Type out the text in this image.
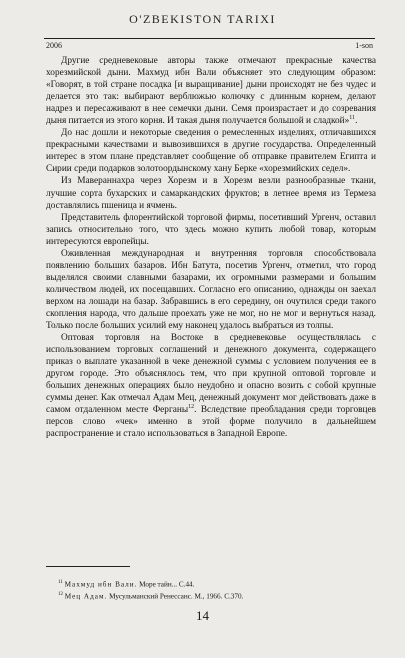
O'ZBEKISTON TARIXI
2006	1-son

Другие средневековые авторы также отмечают прекрасные качества хорезмийской дыни. Махмуд ибн Вали объясняет это следующим образом: «Говорят, в той стране посадка [и выращивание] дыни происходят не без чудес и делается это так: выбирают верблюжью колючку с длинным корнем, делают надрез и пересаживают в нее семечки дыни. Семя произрастает и до созревания дыня питается из этого корня. И такая дыня получается большой и сладкой»$^{11}$.

До нас дошли и некоторые сведения о ремесленных изделиях, отличавшихся прекрасными качествами и вывозившихся в другие государства. Определенный интерес в этом плане представляет сообщение об отправке правителем Египта и Сирии среди подарков золотоордынскому хану Берке «хорезмийских седел».

Из Мавераннахра через Хорезм и в Хорезм везли разнообразные ткани, лучшие сорта бухарских и самаркандских фруктов; в летнее время из Термеза доставлялись пшеница и ячмень.

Представитель флорентийской торговой фирмы, посетивший Ургенч, оставил запись относительно того, что здесь можно купить любой товар, которым интересуются европейцы.

Оживленная международная и внутренняя торговля способствовала появлению больших базаров. Ибн Батута, посетив Ургенч, отметил, что город выделялся своими славными базарами, их огромными размерами и большим количеством людей, их посещавших. Согласно его описанию, однажды он заехал верхом на лошади на базар. Забравшись в его середину, он очутился среди такого скопления народа, что дальше проехать уже не мог, но не мог и вернуться назад. Только после больших усилий ему наконец удалось выбраться из толпы.

Оптовая торговля на Востоке в средневековье осуществлялась с использованием торговых соглашений и денежного документа, содержащего приказ о выплате указанной в чеке денежной суммы с условием получения ее в другом городе. Это объяснялось тем, что при крупной оптовой торговле и больших денежных операциях было неудобно и опасно возить с собой крупные суммы денег. Как отмечал Адам Мец, денежный документ мог действовать даже в самом отдаленном месте Ферганы$^{12}$. Вследствие преобладания среди торговцев персов слово «чек» именно в этой форме получило в дальнейшем распространение и стало использоваться в Западной Европе.

$^{11}$ Махмуд ибн Вали. Море тайн... С.44.
$^{12}$ Мец Адам. Мусульманский Ренессанс. М., 1966. С.370.
14
